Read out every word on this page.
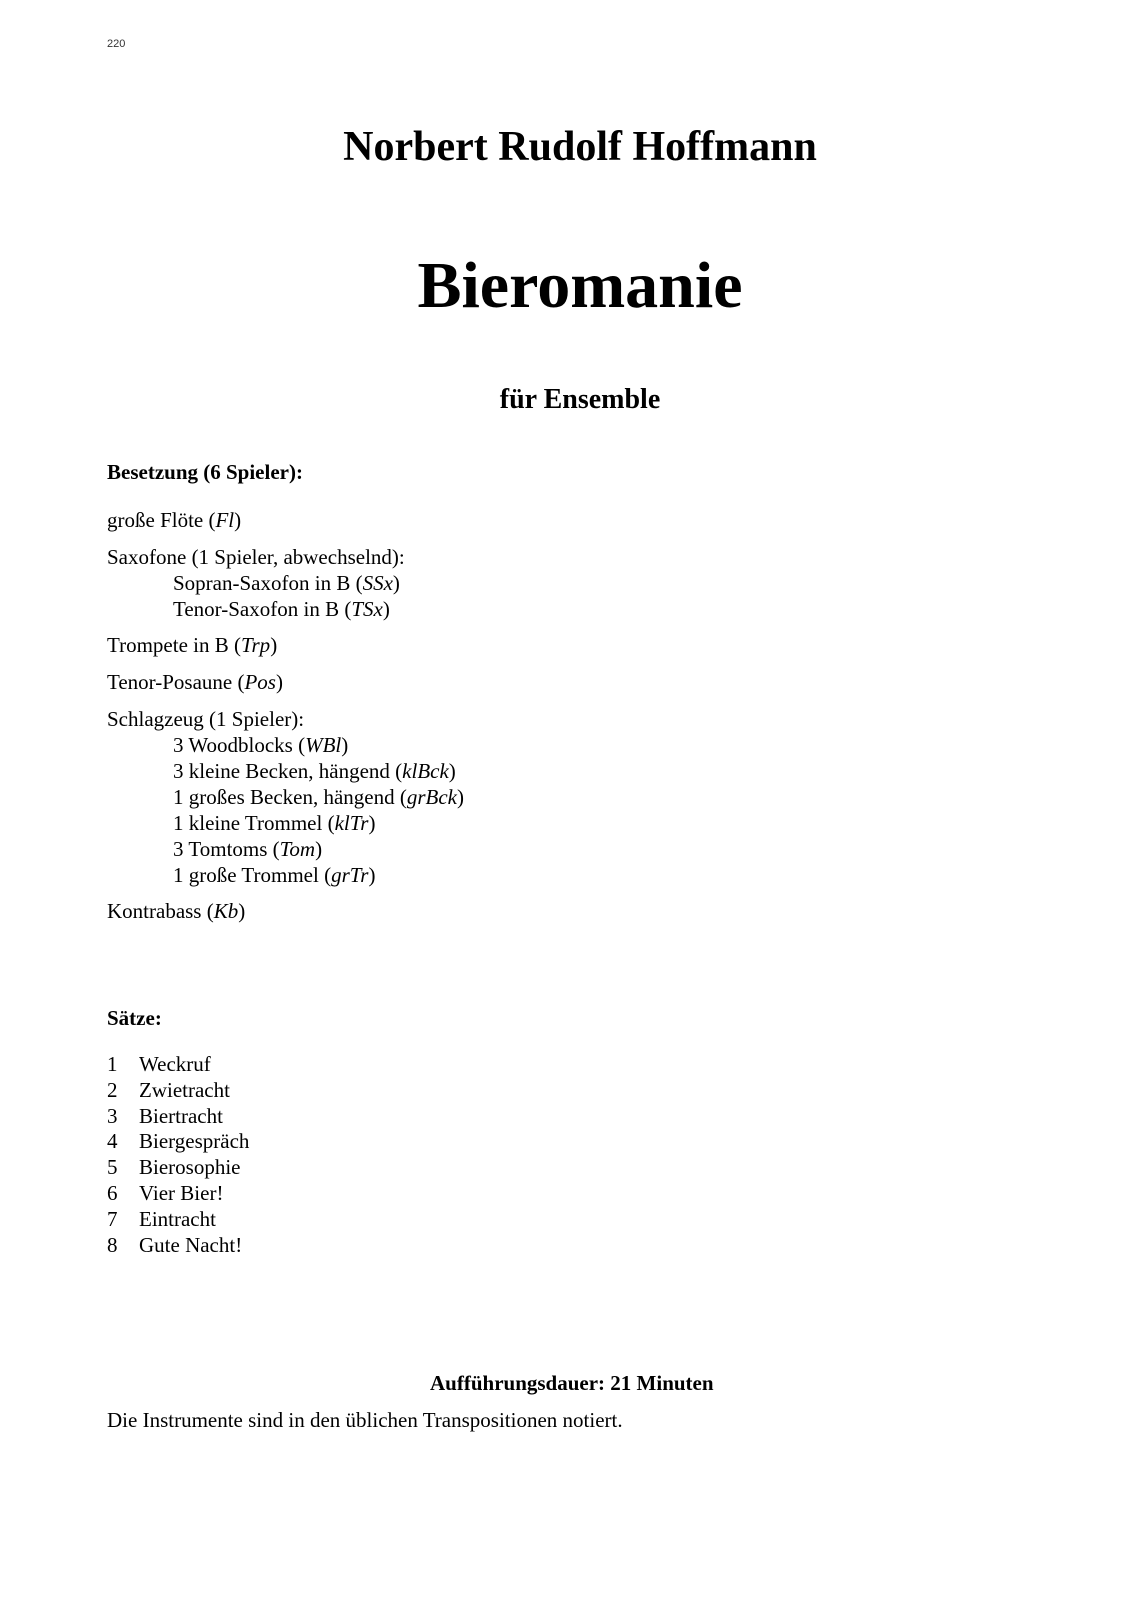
220
Norbert Rudolf Hoffmann
Bieromanie
für Ensemble
Besetzung (6 Spieler):
große Flöte (Fl)
Saxofone (1 Spieler, abwechselnd):
Sopran-Saxofon in B (SSx)
Tenor-Saxofon in B (TSx)
Trompete in B (Trp)
Tenor-Posaune (Pos)
Schlagzeug (1 Spieler):
3 Woodblocks (WBl)
3 kleine Becken, hängend (klBck)
1 großes Becken, hängend (grBck)
1 kleine Trommel (klTr)
3 Tomtoms (Tom)
1 große Trommel (grTr)
Kontrabass (Kb)
Sätze:
1	Weckruf
2	Zwietracht
3	Biertracht
4	Biergespräch
5	Bierosophie
6	Vier Bier!
7	Eintracht
8	Gute Nacht!
Aufführungsdauer: 21 Minuten
Die Instrumente sind in den üblichen Transpositionen notiert.
